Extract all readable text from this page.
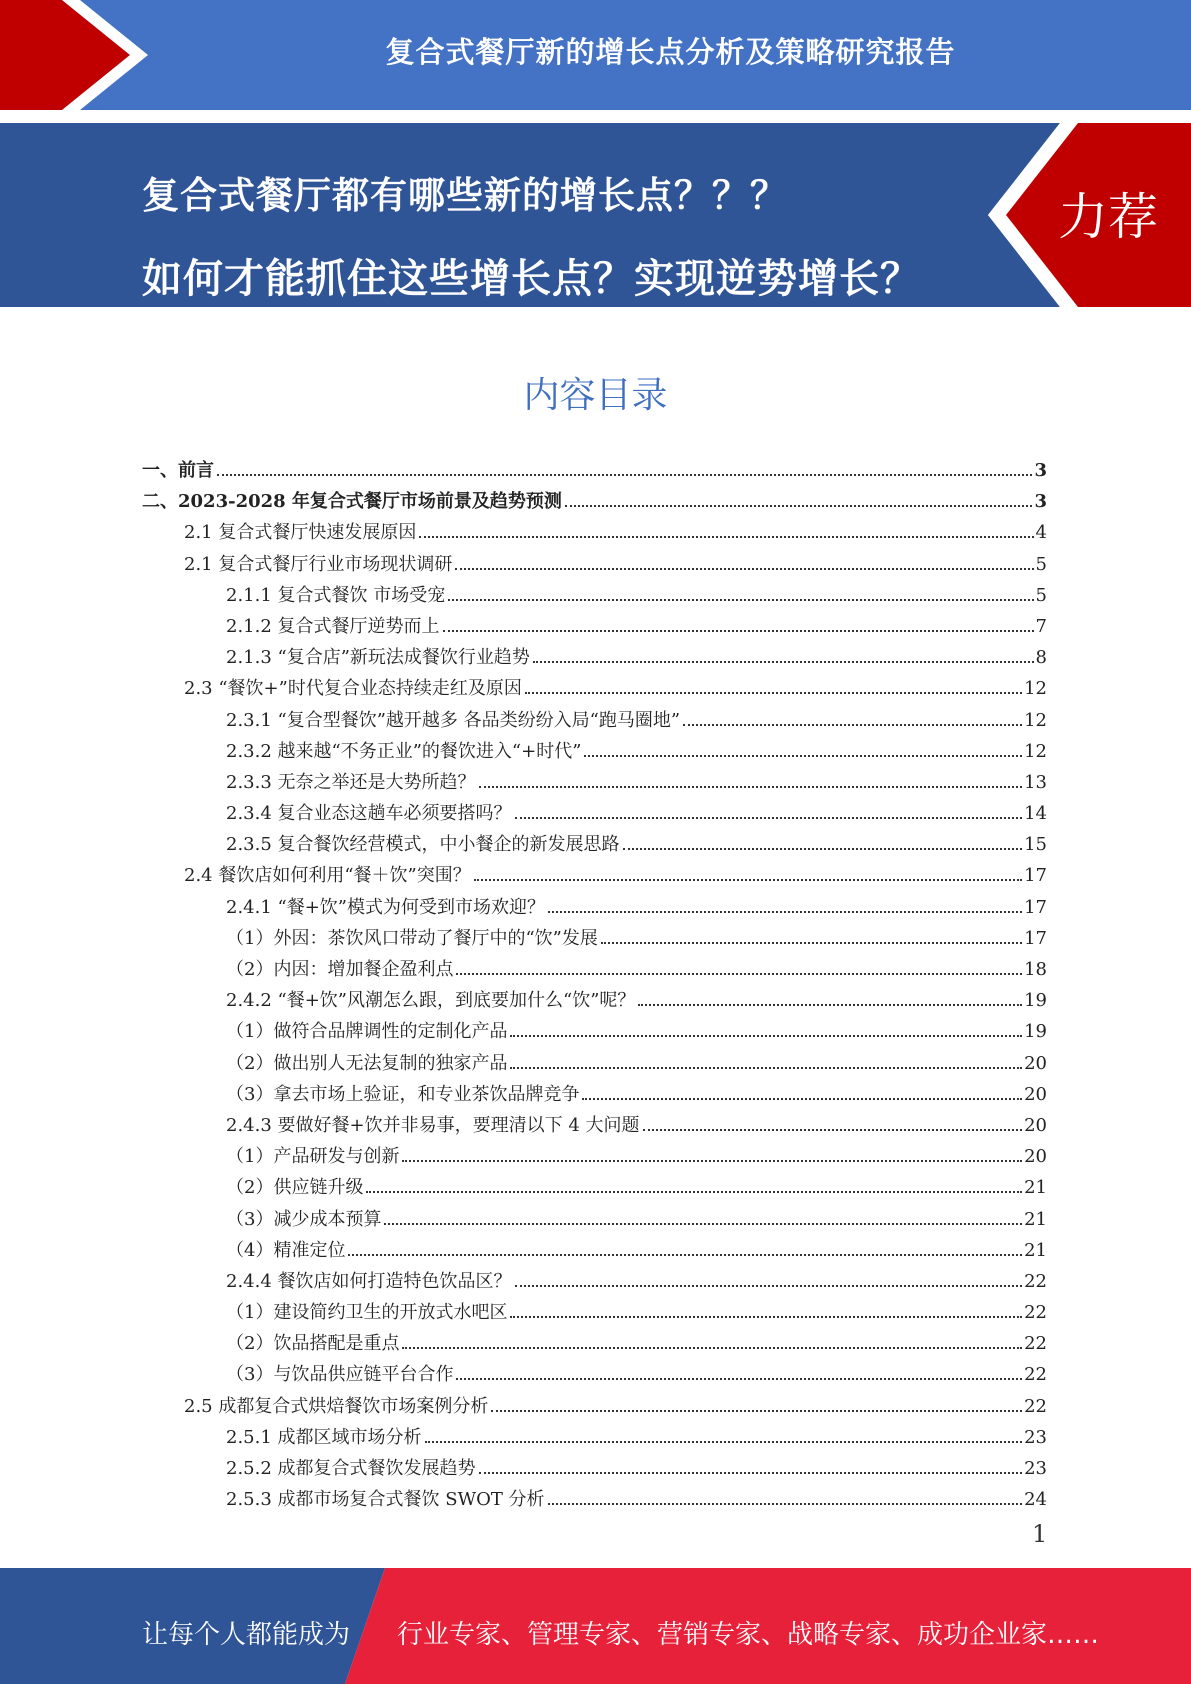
复合式餐厅新的增长点分析及策略研究报告
复合式餐厅都有哪些新的增长点？？？
如何才能抓住这些增长点？实现逆势增长？
力荐
内容目录
一、前言	3
二、2023-2028 年复合式餐厅市场前景及趋势预测	3
2.1 复合式餐厅快速发展原因	4
2.1 复合式餐厅行业市场现状调研	5
2.1.1 复合式餐饮 市场受宠	5
2.1.2 复合式餐厅逆势而上	7
2.1.3 “复合店”新玩法成餐饮行业趋势	8
2.3 “餐饮+”时代复合业态持续走红及原因	12
2.3.1 “复合型餐饮”越开越多 各品类纷纷入局“跑马圈地”	12
2.3.2 越来越“不务正业”的餐饮进入“+时代”	12
2.3.3 无奈之举还是大势所趋？	13
2.3.4 复合业态这趟车必须要搭吗？	14
2.3.5 复合餐饮经营模式，中小餐企的新发展思路	15
2.4 餐饮店如何利用“餐＋饮”突围？	17
2.4.1 “餐+饮”模式为何受到市场欢迎？	17
（1）外因：茶饮风口带动了餐厅中的“饮”发展	17
（2）内因：增加餐企盈利点	18
2.4.2 “餐+饮”风潮怎么跟，到底要加什么“饮”呢？	19
（1）做符合品牌调性的定制化产品	19
（2）做出别人无法复制的独家产品	20
（3）拿去市场上验证，和专业茶饮品牌竞争	20
2.4.3 要做好餐+饮并非易事，要理清以下 4 大问题	20
（1）产品研发与创新	20
（2）供应链升级	21
（3）减少成本预算	21
（4）精准定位	21
2.4.4 餐饮店如何打造特色饮品区？	22
（1）建设简约卫生的开放式水吧区	22
（2）饮品搭配是重点	22
（3）与饮品供应链平台合作	22
2.5 成都复合式烘焙餐饮市场案例分析	22
2.5.1 成都区域市场分析	23
2.5.2 成都复合式餐饮发展趋势	23
2.5.3 成都市场复合式餐饮 SWOT 分析	24
1
让每个人都能成为 行业专家、管理专家、营销专家、战略专家、成功企业家……
